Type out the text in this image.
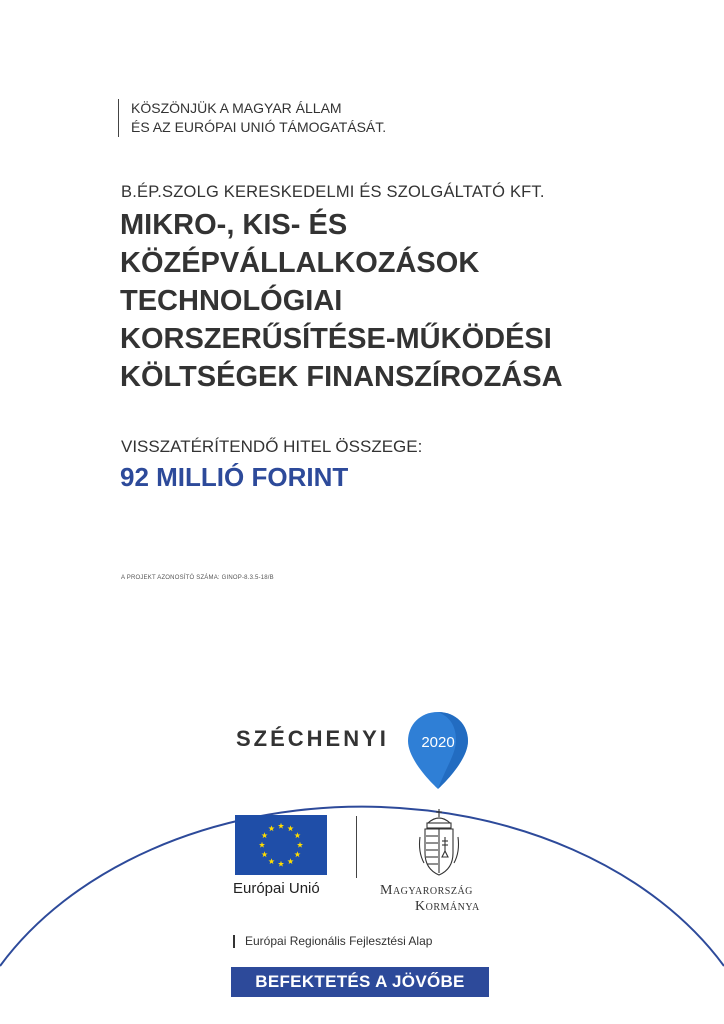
KÖSZÖNJÜK A MAGYAR ÁLLAM
ÉS AZ EURÓPAI UNIÓ TÁMOGATÁSÁT.
B.ÉP.SZOLG KERESKEDELMI ÉS SZOLGÁLTATÓ KFT.
MIKRO-, KIS- ÉS
KÖZÉPVÁLLALKOZÁSOK
TECHNOLÓGIAI
KORSZERŰSÍTÉSE-MŰKÖDÉSI
KÖLTSÉGEK FINANSZÍROZÁSA
VISSZATÉRÍTENDŐ HITEL ÖSSZEGE:
92 MILLIÓ FORINT
A PROJEKT AZONOSÍTÓ SZÁMA: GINOP-8.3.5-18/B
SZÉCHENYI 2020
Európai Unió	Magyarország
Kormánya
Európai Regionális Fejlesztési Alap
BEFEKTETÉS A JÖVŐBE
